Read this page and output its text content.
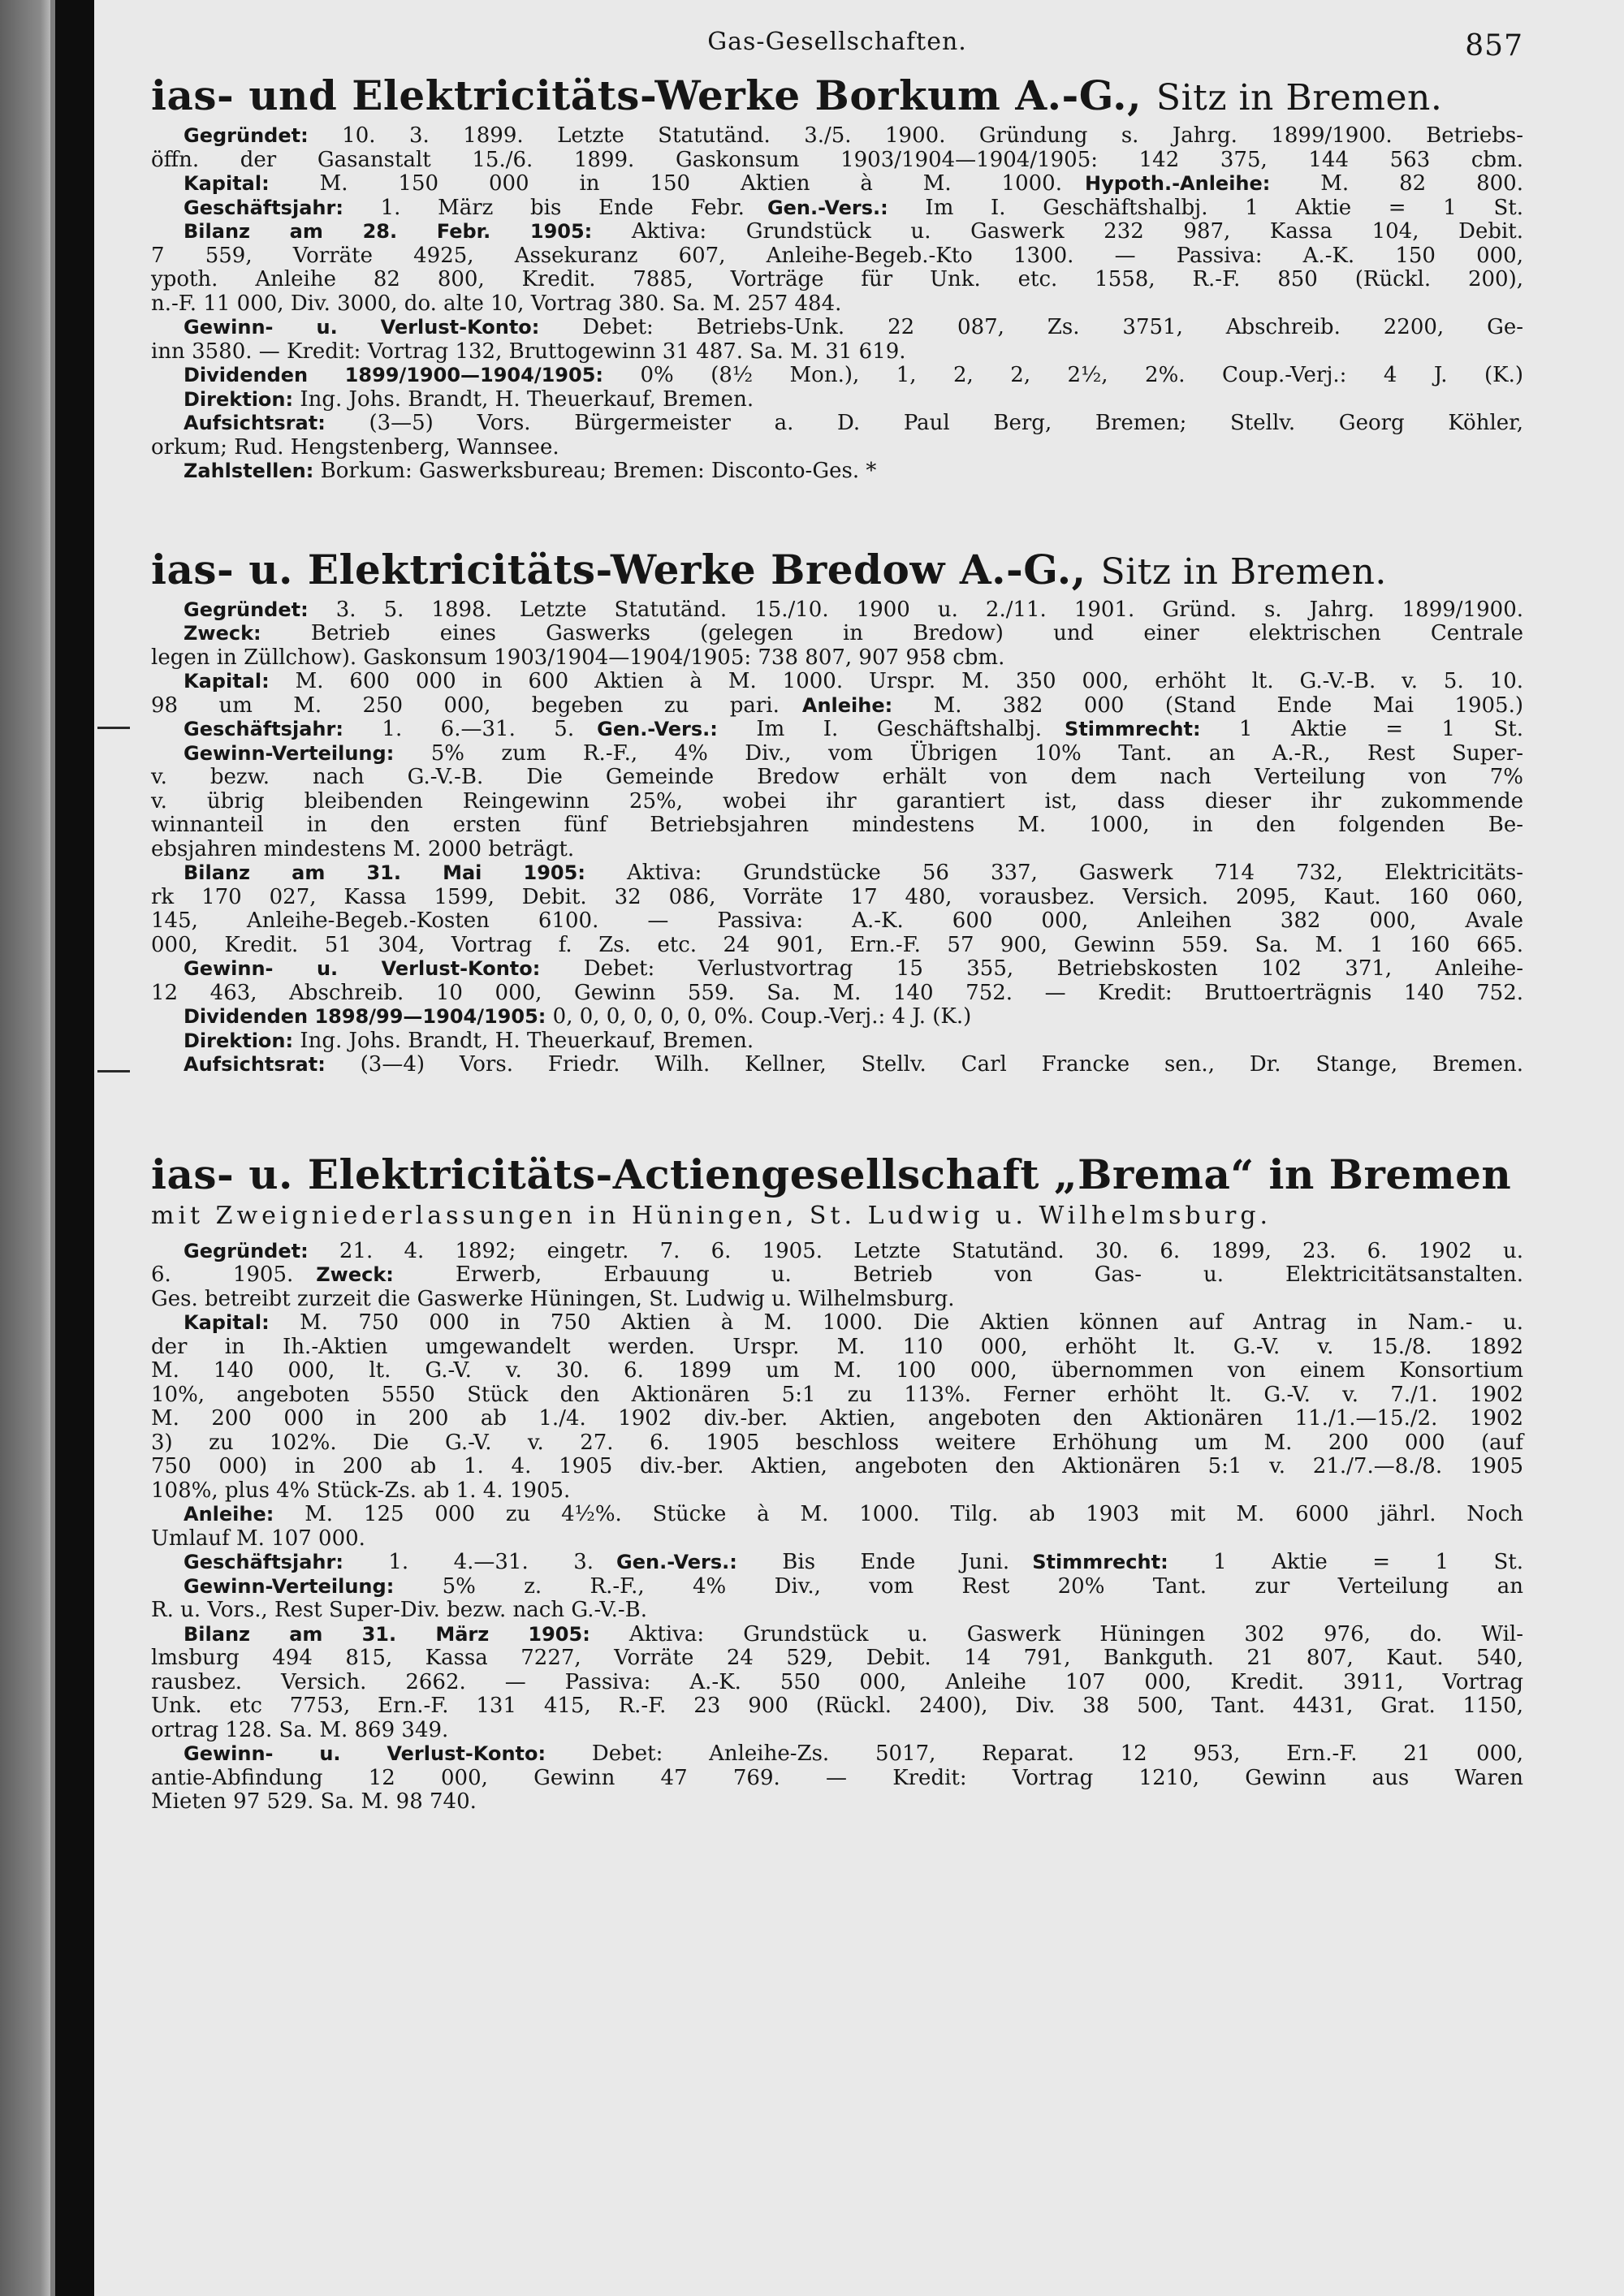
Gas-Gesellschaften.	857
ias- und Elektricitäts-Werke Borkum A.-G., Sitz in Bremen.
Gegründet: 10. 3. 1899. Letzte Statutänd. 3./5. 1900. Gründung s. Jahrg. 1899/1900. Betriebs-
öffn. der Gasanstalt 15./6. 1899. Gaskonsum 1903/1904—1904/1905: 142 375, 144 563 cbm.
Kapital: M. 150 000 in 150 Aktien à M. 1000. Hypoth.-Anleihe: M. 82 800.
Geschäftsjahr: 1. März bis Ende Febr. Gen.-Vers.: Im I. Geschäftshalbj. 1 Aktie = 1 St.
Bilanz am 28. Febr. 1905: Aktiva: Grundstück u. Gaswerk 232 987, Kassa 104, Debit.
7 559, Vorräte 4925, Assekuranz 607, Anleihe-Begeb.-Kto 1300. — Passiva: A.-K. 150 000,
ypoth. Anleihe 82 800, Kredit. 7885, Vorträge für Unk. etc. 1558, R.-F. 850 (Rückl. 200),
n.-F. 11 000, Div. 3000, do. alte 10, Vortrag 380. Sa. M. 257 484.
Gewinn- u. Verlust-Konto: Debet: Betriebs-Unk. 22 087, Zs. 3751, Abschreib. 2200, Ge-
inn 3580. — Kredit: Vortrag 132, Bruttogewinn 31 487. Sa. M. 31 619.
Dividenden 1899/1900—1904/1905: 0% (8½ Mon.), 1, 2, 2, 2½, 2%. Coup.-Verj.: 4 J. (K.)
Direktion: Ing. Johs. Brandt, H. Theuerkauf, Bremen.
Aufsichtsrat: (3—5) Vors. Bürgermeister a. D. Paul Berg, Bremen; Stellv. Georg Köhler,
orkum; Rud. Hengstenberg, Wannsee.
Zahlstellen: Borkum: Gaswerksbureau; Bremen: Disconto-Ges. *
ias- u. Elektricitäts-Werke Bredow A.-G., Sitz in Bremen.
Gegründet: 3. 5. 1898. Letzte Statutänd. 15./10. 1900 u. 2./11. 1901. Gründ. s. Jahrg. 1899/1900.
Zweck: Betrieb eines Gaswerks (gelegen in Bredow) und einer elektrischen Centrale
legen in Züllchow). Gaskonsum 1903/1904—1904/1905: 738 807, 907 958 cbm.
Kapital: M. 600 000 in 600 Aktien à M. 1000. Urspr. M. 350 000, erhöht lt. G.-V.-B. v. 5. 10.
98 um M. 250 000, begeben zu pari. Anleihe: M. 382 000 (Stand Ende Mai 1905.)
Geschäftsjahr: 1. 6.—31. 5. Gen.-Vers.: Im I. Geschäftshalbj. Stimmrecht: 1 Aktie = 1 St.
Gewinn-Verteilung: 5% zum R.-F., 4% Div., vom Übrigen 10% Tant. an A.-R., Rest Super-
v. bezw. nach G.-V.-B. Die Gemeinde Bredow erhält von dem nach Verteilung von 7%
v. übrig bleibenden Reingewinn 25%, wobei ihr garantiert ist, dass dieser ihr zukommende
winnanteil in den ersten fünf Betriebsjahren mindestens M. 1000, in den folgenden Be-
ebsjahren mindestens M. 2000 beträgt.
Bilanz am 31. Mai 1905: Aktiva: Grundstücke 56 337, Gaswerk 714 732, Elektricitäts-
rk 170 027, Kassa 1599, Debit. 32 086, Vorräte 17 480, vorausbez. Versich. 2095, Kaut. 160 060,
145, Anleihe-Begeb.-Kosten 6100. — Passiva: A.-K. 600 000, Anleihen 382 000, Avale
000, Kredit. 51 304, Vortrag f. Zs. etc. 24 901, Ern.-F. 57 900, Gewinn 559. Sa. M. 1 160 665.
Gewinn- u. Verlust-Konto: Debet: Verlustvortrag 15 355, Betriebskosten 102 371, Anleihe-
12 463, Abschreib. 10 000, Gewinn 559. Sa. M. 140 752. — Kredit: Bruttoerträgnis 140 752.
Dividenden 1898/99—1904/1905: 0, 0, 0, 0, 0, 0, 0%. Coup.-Verj.: 4 J. (K.)
Direktion: Ing. Johs. Brandt, H. Theuerkauf, Bremen.
Aufsichtsrat: (3—4) Vors. Friedr. Wilh. Kellner, Stellv. Carl Francke sen., Dr. Stange, Bremen.
ias- u. Elektricitäts-Actiengesellschaft „Brema“ in Bremen
mit Zweigniederlassungen in Hüningen, St. Ludwig u. Wilhelmsburg.
Gegründet: 21. 4. 1892; eingetr. 7. 6. 1905. Letzte Statutänd. 30. 6. 1899, 23. 6. 1902 u.
6. 1905. Zweck: Erwerb, Erbauung u. Betrieb von Gas- u. Elektricitätsanstalten.
Ges. betreibt zurzeit die Gaswerke Hüningen, St. Ludwig u. Wilhelmsburg.
Kapital: M. 750 000 in 750 Aktien à M. 1000. Die Aktien können auf Antrag in Nam.- u.
der in Ih.-Aktien umgewandelt werden. Urspr. M. 110 000, erhöht lt. G.-V. v. 15./8. 1892
M. 140 000, lt. G.-V. v. 30. 6. 1899 um M. 100 000, übernommen von einem Konsortium
10%, angeboten 5550 Stück den Aktionären 5:1 zu 113%. Ferner erhöht lt. G.-V. v. 7./1. 1902
M. 200 000 in 200 ab 1./4. 1902 div.-ber. Aktien, angeboten den Aktionären 11./1.—15./2. 1902
3) zu 102%. Die G.-V. v. 27. 6. 1905 beschloss weitere Erhöhung um M. 200 000 (auf
750 000) in 200 ab 1. 4. 1905 div.-ber. Aktien, angeboten den Aktionären 5:1 v. 21./7.—8./8. 1905
108%, plus 4% Stück-Zs. ab 1. 4. 1905.
Anleihe: M. 125 000 zu 4½%. Stücke à M. 1000. Tilg. ab 1903 mit M. 6000 jährl. Noch
Umlauf M. 107 000.
Geschäftsjahr: 1. 4.—31. 3. Gen.-Vers.: Bis Ende Juni. Stimmrecht: 1 Aktie = 1 St.
Gewinn-Verteilung: 5% z. R.-F., 4% Div., vom Rest 20% Tant. zur Verteilung an
R. u. Vors., Rest Super-Div. bezw. nach G.-V.-B.
Bilanz am 31. März 1905: Aktiva: Grundstück u. Gaswerk Hüningen 302 976, do. Wil-
lmsburg 494 815, Kassa 7227, Vorräte 24 529, Debit. 14 791, Bankguth. 21 807, Kaut. 540,
rausbez. Versich. 2662. — Passiva: A.-K. 550 000, Anleihe 107 000, Kredit. 3911, Vortrag
Unk. etc 7753, Ern.-F. 131 415, R.-F. 23 900 (Rückl. 2400), Div. 38 500, Tant. 4431, Grat. 1150,
ortrag 128. Sa. M. 869 349.
Gewinn- u. Verlust-Konto: Debet: Anleihe-Zs. 5017, Reparat. 12 953, Ern.-F. 21 000,
antie-Abfindung 12 000, Gewinn 47 769. — Kredit: Vortrag 1210, Gewinn aus Waren
Mieten 97 529. Sa. M. 98 740.
